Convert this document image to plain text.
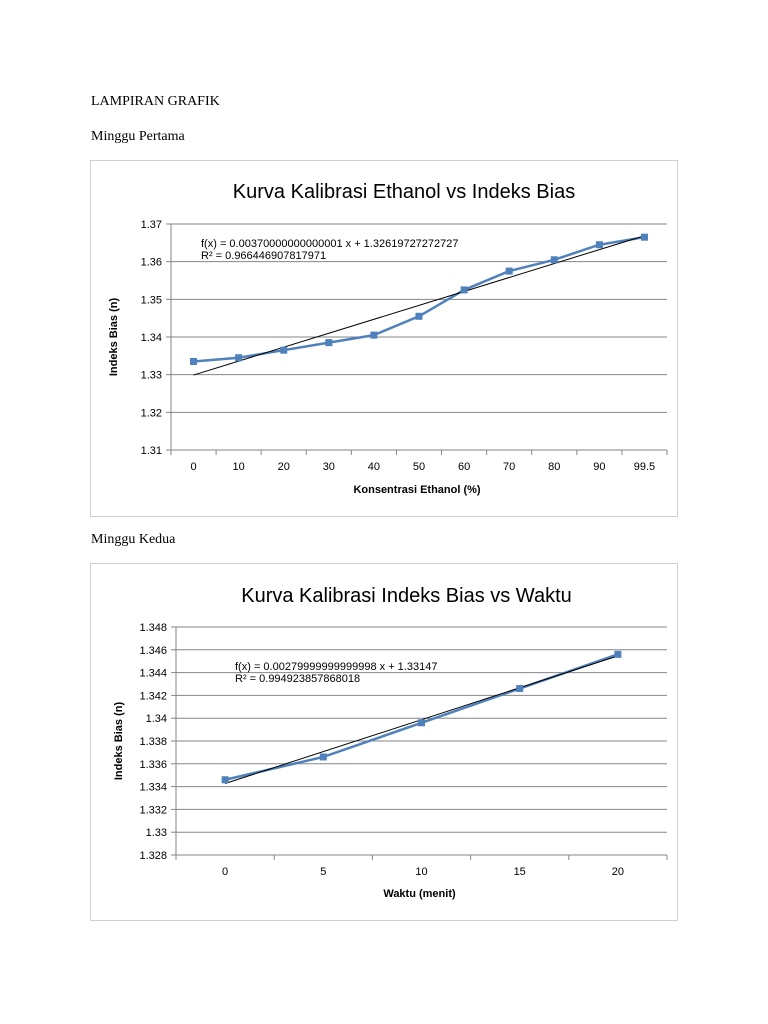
LAMPIRAN GRAFIK
Minggu Pertama
Kurva Kalibrasi Ethanol vs Indeks Bias
1.31
1.32
1.33
1.34
1.35
1.36
1.37
0	10	20	30	40	50	60	70	80	90	99.5
Konsentrasi Ethanol (%)
Indeks Bias (n)
f(x) = 0.00370000000000001 x + 1.32619727272727
R² = 0.966446907817971
Minggu Kedua
Kurva Kalibrasi Indeks Bias vs Waktu
1.328
1.33
1.332
1.334
1.336
1.338
1.34
1.342
1.344
1.346
1.348
0	5	10	15	20
Waktu (menit)
Indeks Bias (n)
f(x) = 0.00279999999999998 x + 1.33147
R² = 0.994923857868018
